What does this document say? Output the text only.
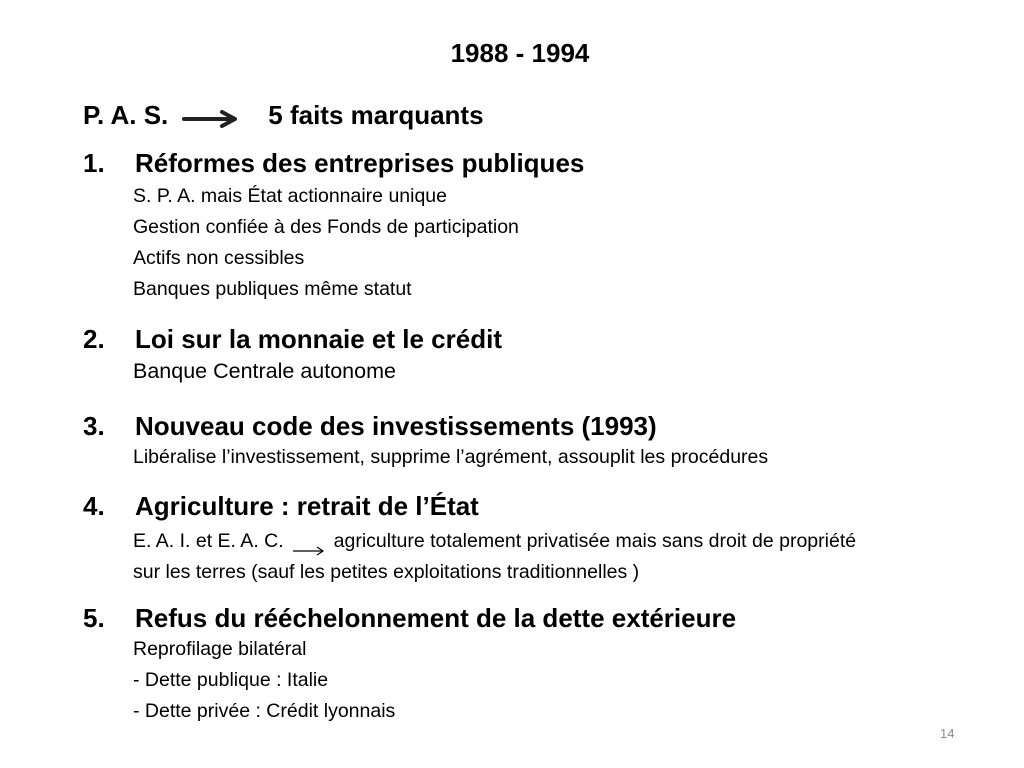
1988 - 1994
P. A. S.	5 faits marquants
1.	Réformes des entreprises publiques
S. P. A. mais État actionnaire unique
Gestion confiée à des Fonds de participation
Actifs non cessibles
Banques publiques même statut
2.	Loi sur la monnaie et le crédit
Banque Centrale autonome
3.	Nouveau code des investissements (1993)
Libéralise l’investissement, supprime l’agrément, assouplit les procédures
4.	Agriculture : retrait de l’État
E. A. I. et E. A. C.	agriculture totalement privatisée mais sans droit de propriété
sur les terres (sauf les petites exploitations traditionnelles )
5.	Refus du rééchelonnement de la dette extérieure
Reprofilage bilatéral
- Dette publique : Italie
- Dette privée : Crédit lyonnais
14
